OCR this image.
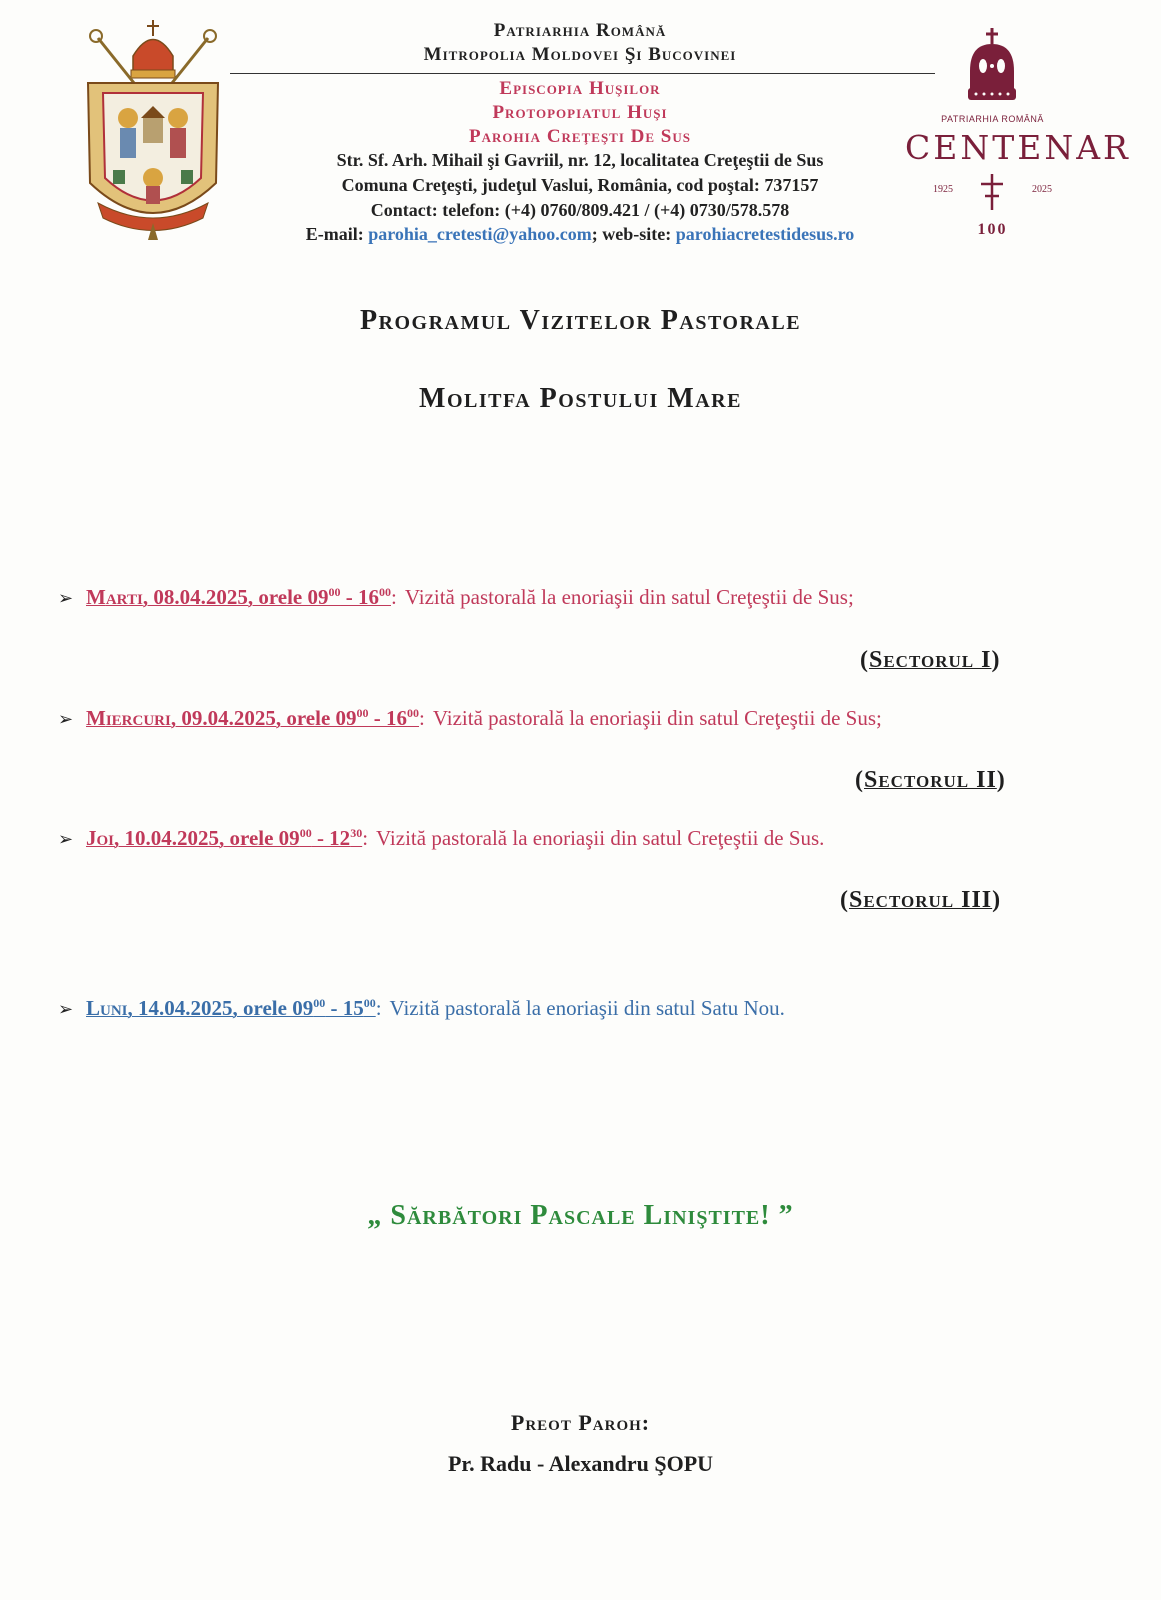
Patriarhia Română
Mitropolia Moldovei Şi Bucovinei
Episcopia Huşilor
Protopopiatul Huşi
Parohia Creţeşti De Sus
Str. Sf. Arh. Mihail şi Gavriil, nr. 12, localitatea Creţeştii de Sus
Comuna Creţeşti, judeţul Vaslui, România, cod poştal: 737157
Contact: telefon: (+4) 0760/809.421 / (+4) 0730/578.578
E-mail: parohia_cretesti@yahoo.com; web-site: parohiacretestidesus.ro
PATRIARHIA ROMÂNĂ
CENTENAR
1925	2025
100
Programul Vizitelor Pastorale
Molitfa Postului Mare
➢ Marti, 08.04.2025, orele $09^{00} - 16^{00}$: Vizită pastorală la enoriaşii din satul Creţeştii de Sus;
(Sectorul I)
➢ Miercuri, 09.04.2025, orele $09^{00} - 16^{00}$: Vizită pastorală la enoriaşii din satul Creţeştii de Sus;
(Sectorul II)
➢ Joi, 10.04.2025, orele $09^{00} - 12^{30}$: Vizită pastorală la enoriaşii din satul Creţeştii de Sus.
(Sectorul III)
➢ Luni, 14.04.2025, orele $09^{00} - 15^{00}$: Vizită pastorală la enoriaşii din satul Satu Nou.
„ Sărbători Pascale Liniştite! ”
Preot Paroh:
Pr. Radu - Alexandru ŞOPU
